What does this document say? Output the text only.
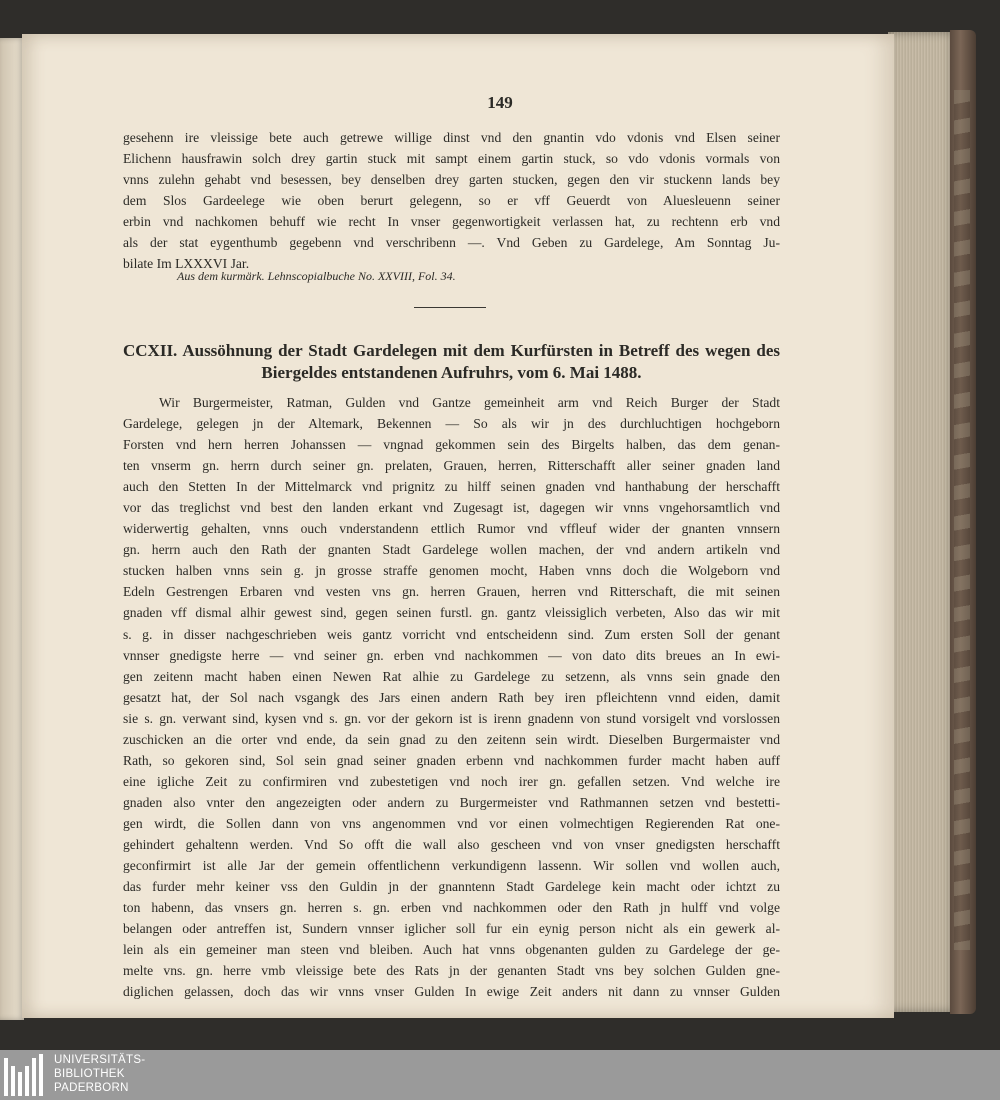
149
gesehenn ire vleissige bete auch getrewe willige dinst vnd den gnantin vdo vdonis vnd Elsen seiner
Elichenn hausfrawin solch drey gartin stuck mit sampt einem gartin stuck, so vdo vdonis vormals von
vnns zulehn gehabt vnd besessen, bey denselben drey garten stucken, gegen den vir stuckenn lands bey
dem Slos Gardeelege wie oben berurt gelegenn, so er vff Geuerdt von Aluesleuenn seiner
erbin vnd nachkomen behuff wie recht In vnser gegenwortigkeit verlassen hat, zu rechtenn erb vnd
als der stat eygenthumb gegebenn vnd verschribenn —. Vnd Geben zu Gardelege, Am Sonntag Ju-
bilate Im LXXXVI Jar.
Aus dem kurmärk. Lehnscopialbuche No. XXVIII, Fol. 34.
CCXII. Aussöhnung der Stadt Gardelegen mit dem Kurfürsten in Betreff des wegen des
Biergeldes entstandenen Aufruhrs, vom 6. Mai 1488.
Wir Burgermeister, Ratman, Gulden vnd Gantze gemeinheit arm vnd Reich Burger der Stadt
Gardelege, gelegen jn der Altemark, Bekennen — So als wir jn des durchluchtigen hochgeborn
Forsten vnd hern herren Johanssen — vngnad gekommen sein des Birgelts halben, das dem genan-
ten vnserm gn. herrn durch seiner gn. prelaten, Grauen, herren, Ritterschafft aller seiner gnaden land
auch den Stetten In der Mittelmarck vnd prignitz zu hilff seinen gnaden vnd hanthabung der herschafft
vor das treglichst vnd best den landen erkant vnd Zugesagt ist, dagegen wir vnns vngehorsamtlich vnd
widerwertig gehalten, vnns ouch vnderstandenn ettlich Rumor vnd vffleuf wider der gnanten vnnsern
gn. herrn auch den Rath der gnanten Stadt Gardelege wollen machen, der vnd andern artikeln vnd
stucken halben vnns sein g. jn grosse straffe genomen mocht, Haben vnns doch die Wolgeborn vnd
Edeln Gestrengen Erbaren vnd vesten vns gn. herren Grauen, herren vnd Ritterschaft, die mit seinen
gnaden vff dismal alhir gewest sind, gegen seinen furstl. gn. gantz vleissiglich verbeten, Also das wir mit
s. g. in disser nachgeschrieben weis gantz vorricht vnd entscheidenn sind. Zum ersten Soll der genant
vnnser gnedigste herre — vnd seiner gn. erben vnd nachkommen — von dato dits breues an In ewi-
gen zeitenn macht haben einen Newen Rat alhie zu Gardelege zu setzenn, als vnns sein gnade den
gesatzt hat, der Sol nach vsgangk des Jars einen andern Rath bey iren pfleichtenn vnnd eiden, damit
sie s. gn. verwant sind, kysen vnd s. gn. vor der gekorn ist is irenn gnadenn von stund vorsigelt vnd vorslossen
zuschicken an die orter vnd ende, da sein gnad zu den zeitenn sein wirdt. Dieselben Burgermaister vnd
Rath, so gekoren sind, Sol sein gnad seiner gnaden erbenn vnd nachkommen furder macht haben auff
eine igliche Zeit zu confirmiren vnd zubestetigen vnd noch irer gn. gefallen setzen. Vnd welche ire
gnaden also vnter den angezeigten oder andern zu Burgermeister vnd Rathmannen setzen vnd bestetti-
gen wirdt, die Sollen dann von vns angenommen vnd vor einen volmechtigen Regierenden Rat one-
gehindert gehaltenn werden. Vnd So offt die wall also gescheen vnd von vnser gnedigsten herschafft
geconfirmirt ist alle Jar der gemein offentlichenn verkundigenn lassenn. Wir sollen vnd wollen auch,
das furder mehr keiner vss den Guldin jn der gnanntenn Stadt Gardelege kein macht oder ichtzt zu
ton habenn, das vnsers gn. herren s. gn. erben vnd nachkommen oder den Rath jn hulff vnd volge
belangen oder antreffen ist, Sundern vnnser iglicher soll fur ein eynig person nicht als ein gewerk al-
lein als ein gemeiner man steen vnd bleiben. Auch hat vnns obgenanten gulden zu Gardelege der ge-
melte vns. gn. herre vmb vleissige bete des Rats jn der genanten Stadt vns bey solchen Gulden gne-
diglichen gelassen, doch das wir vnns vnser Gulden In ewige Zeit anders nit dann zu vnnser Gulden
UNIVERSITÄTS-
BIBLIOTHEK
PADERBORN
